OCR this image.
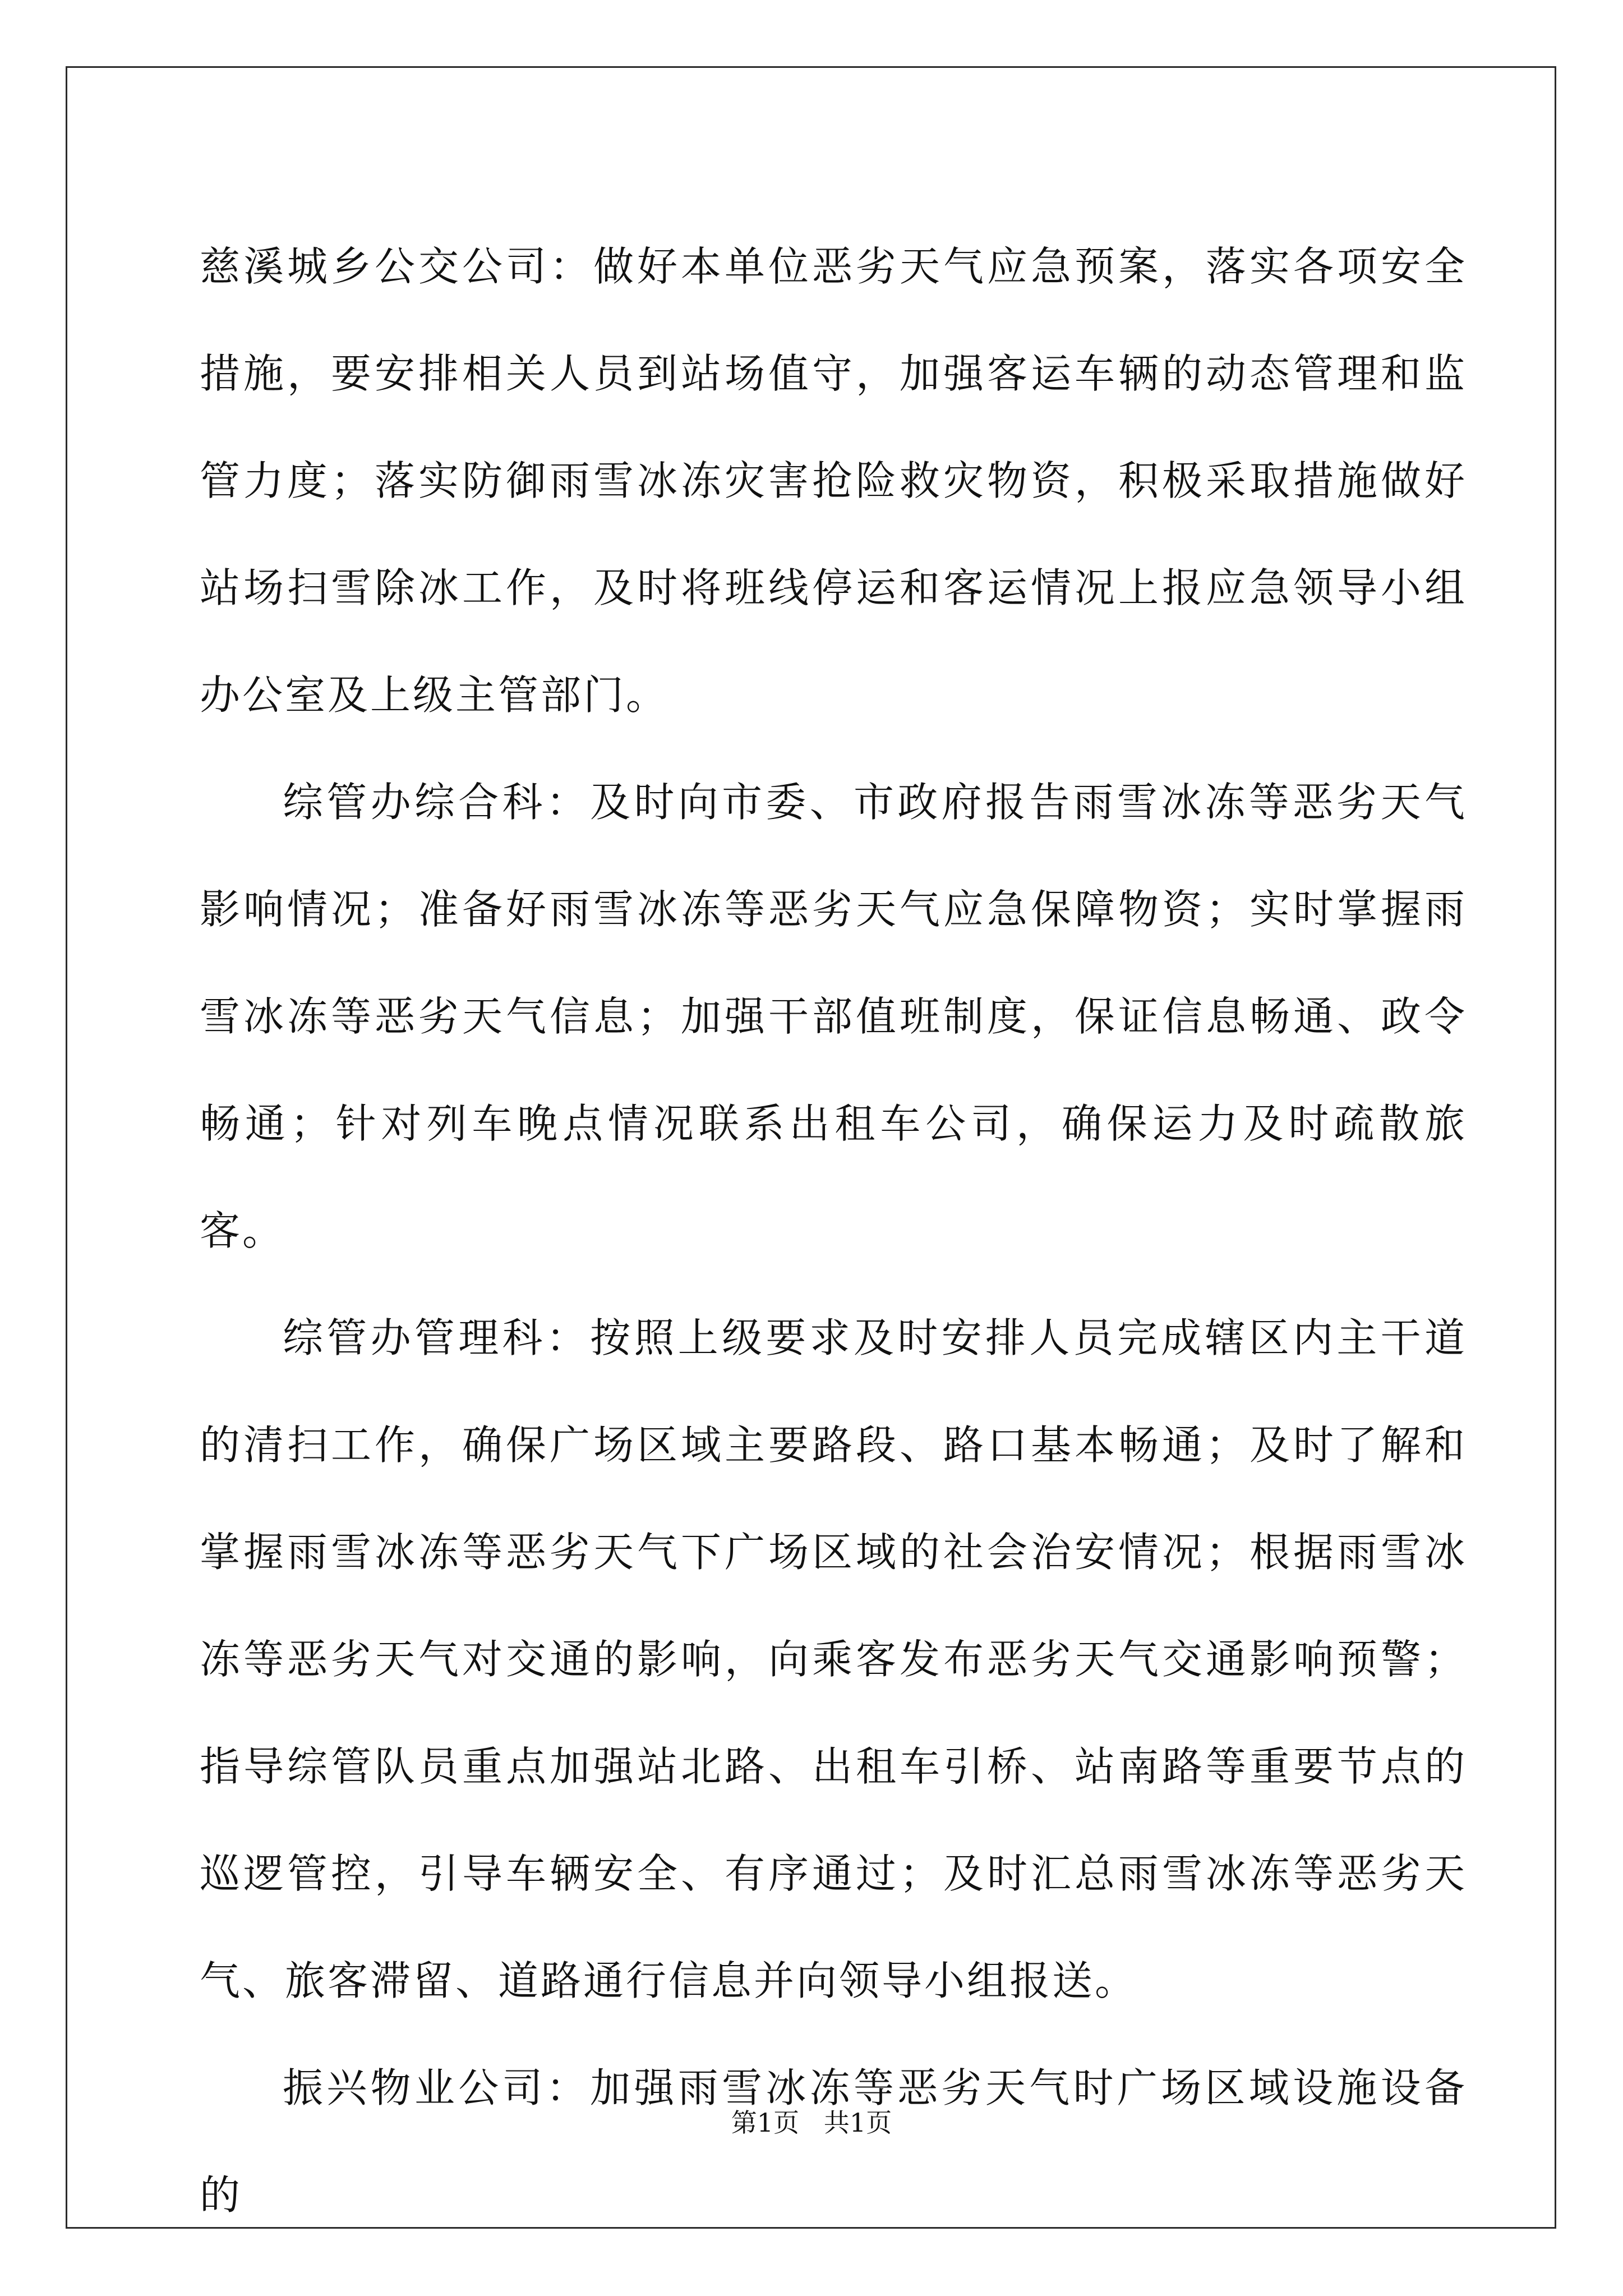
慈溪城乡公交公司：做好本单位恶劣天气应急预案，落实各项安全措施，要安排相关人员到站场值守，加强客运车辆的动态管理和监管力度；落实防御雨雪冰冻灾害抢险救灾物资，积极采取措施做好站场扫雪除冰工作，及时将班线停运和客运情况上报应急领导小组办公室及上级主管部门。

综管办综合科：及时向市委、市政府报告雨雪冰冻等恶劣天气影响情况；准备好雨雪冰冻等恶劣天气应急保障物资；实时掌握雨雪冰冻等恶劣天气信息；加强干部值班制度，保证信息畅通、政令畅通；针对列车晚点情况联系出租车公司，确保运力及时疏散旅客。

综管办管理科：按照上级要求及时安排人员完成辖区内主干道的清扫工作，确保广场区域主要路段、路口基本畅通；及时了解和掌握雨雪冰冻等恶劣天气下广场区域的社会治安情况；根据雨雪冰冻等恶劣天气对交通的影响，向乘客发布恶劣天气交通影响预警；指导综管队员重点加强站北路、出租车引桥、站南路等重要节点的巡逻管控，引导车辆安全、有序通过；及时汇总雨雪冰冻等恶劣天气、旅客滞留、道路通行信息并向领导小组报送。

振兴物业公司：加强雨雪冰冻等恶劣天气时广场区域设施设备的

第1页   共1页
